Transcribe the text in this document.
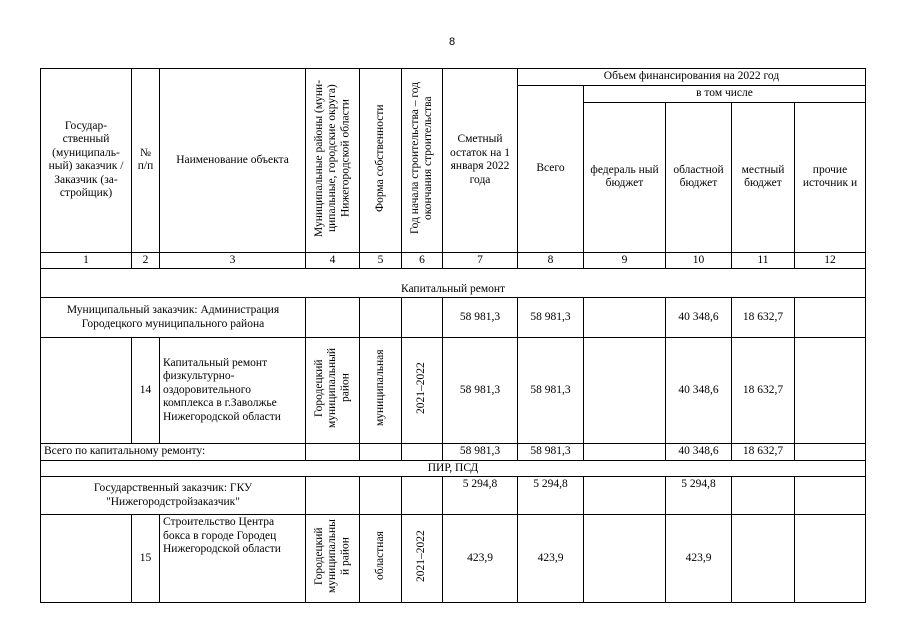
8
Государ-ственный (муниципаль-ный) заказчик / Заказчик (за-стройщик)	№ п/п	Наименование объекта	Муниципальные районы (муни-ципальные, городские округа) Нижегородской области	Форма собственности	Год начала строительства – год окончания строительства	Сметный остаток на 1 января 2022 года	Объем финансирования на 2022 год				
							Всего	в том числе			
								федераль ный бюджет	областной бюджет	местный бюджет	прочие источник и
1	2	3	4	5	6	7	8	9	10	11	12
Капитальный ремонт											
Муниципальный заказчик: Администрация Городецкого муниципального района						58 981,3	58 981,3		40 348,6	18 632,7	
	14	Капитальный ремонт физкультурно-оздоровительного комплекса в г.Заволжье Нижегородской области	Городецкий муниципальный район	муниципальная	2021–2022	58 981,3	58 981,3		40 348,6	18 632,7	
Всего по капитальному ремонту:						58 981,3	58 981,3		40 348,6	18 632,7	
ПИР, ПСД											
Государственный заказчик: ГКУ "Нижегородстройзаказчик"						5 294,8	5 294,8		5 294,8		
	15	Строительство Центра бокса в городе Городец Нижегородской области	Городецкий муниципальны й район	областная	2021–2022	423,9	423,9		423,9		
